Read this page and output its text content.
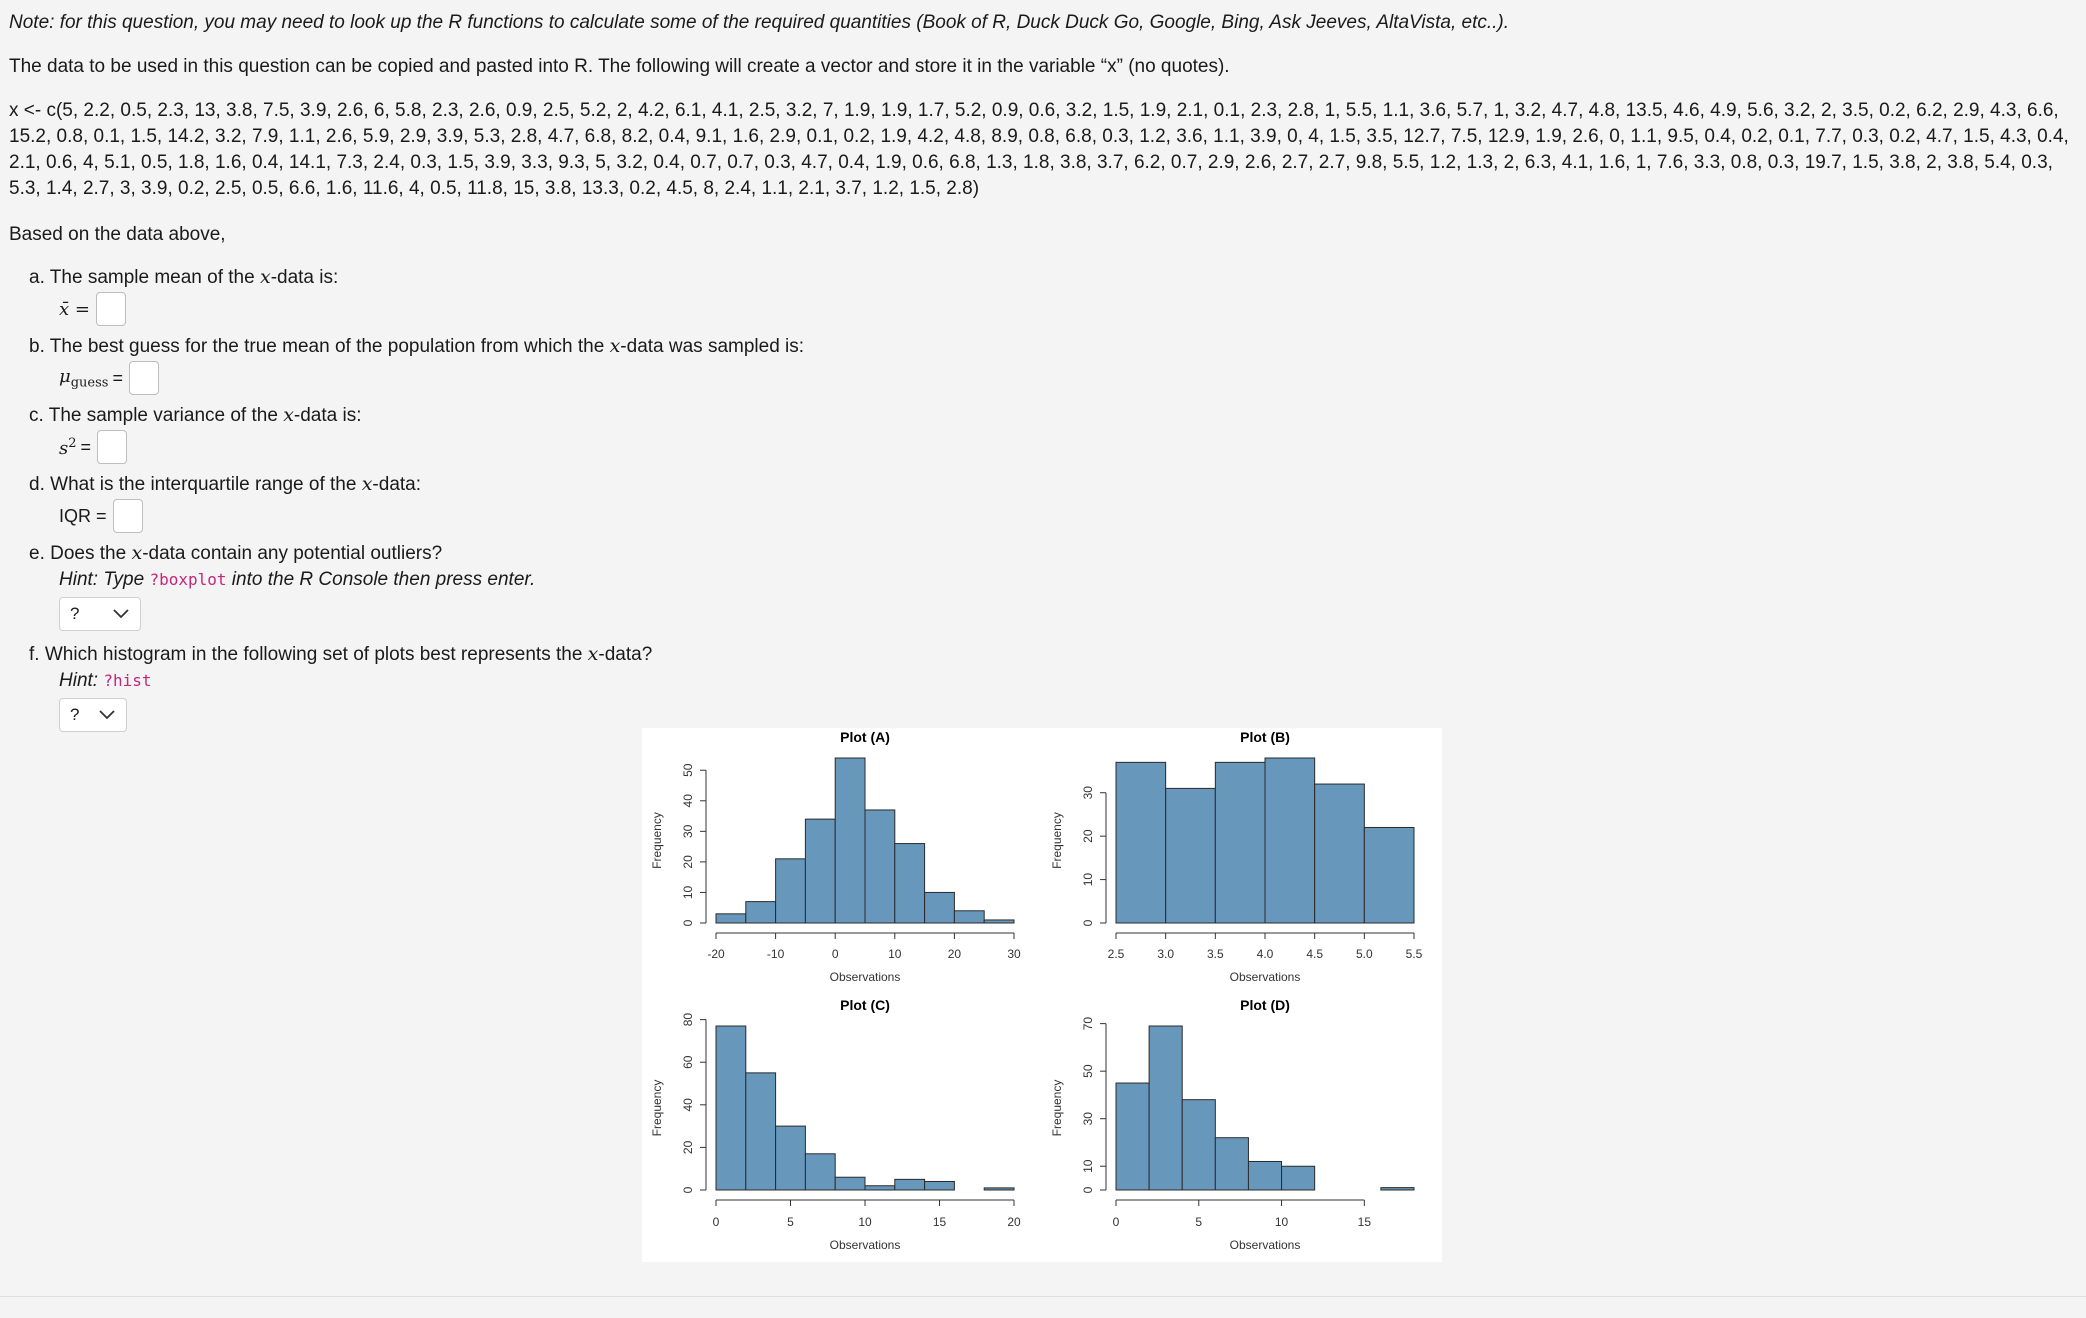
Note: for this question, you may need to look up the R functions to calculate some of the required quantities (Book of R, Duck Duck Go, Google, Bing, Ask Jeeves, AltaVista, etc..).

The data to be used in this question can be copied and pasted into R. The following will create a vector and store it in the variable “x” (no quotes).

x <- c(5, 2.2, 0.5, 2.3, 13, 3.8, 7.5, 3.9, 2.6, 6, 5.8, 2.3, 2.6, 0.9, 2.5, 5.2, 2, 4.2, 6.1, 4.1, 2.5, 3.2, 7, 1.9, 1.9, 1.7, 5.2, 0.9, 0.6, 3.2, 1.5, 1.9, 2.1, 0.1, 2.3, 2.8, 1, 5.5, 1.1, 3.6, 5.7, 1, 3.2, 4.7, 4.8, 13.5, 4.6, 4.9, 5.6, 3.2, 2, 3.5, 0.2, 6.2, 2.9, 4.3, 6.6, 15.2, 0.8, 0.1, 1.5, 14.2, 3.2, 7.9, 1.1, 2.6, 5.9, 2.9, 3.9, 5.3, 2.8, 4.7, 6.8, 8.2, 0.4, 9.1, 1.6, 2.9, 0.1, 0.2, 1.9, 4.2, 4.8, 8.9, 0.8, 6.8, 0.3, 1.2, 3.6, 1.1, 3.9, 0, 4, 1.5, 3.5, 12.7, 7.5, 12.9, 1.9, 2.6, 0, 1.1, 9.5, 0.4, 0.2, 0.1, 7.7, 0.3, 0.2, 4.7, 1.5, 4.3, 0.4, 2.1, 0.6, 4, 5.1, 0.5, 1.8, 1.6, 0.4, 14.1, 7.3, 2.4, 0.3, 1.5, 3.9, 3.3, 9.3, 5, 3.2, 0.4, 0.7, 0.7, 0.3, 4.7, 0.4, 1.9, 0.6, 6.8, 1.3, 1.8, 3.8, 3.7, 6.2, 0.7, 2.9, 2.6, 2.7, 2.7, 9.8, 5.5, 1.2, 1.3, 2, 6.3, 4.1, 1.6, 1, 7.6, 3.3, 0.8, 0.3, 19.7, 1.5, 3.8, 2, 3.8, 5.4, 0.3, 5.3, 1.4, 2.7, 3, 3.9, 0.2, 2.5, 0.5, 6.6, 1.6, 11.6, 4, 0.5, 11.8, 15, 3.8, 13.3, 0.2, 4.5, 8, 2.4, 1.1, 2.1, 3.7, 1.2, 1.5, 2.8)

Based on the data above,

a. The sample mean of the x-data is:
x̄ =
b. The best guess for the true mean of the population from which the x-data was sampled is:
$\mu_{guess}$ =
c. The sample variance of the x-data is:
$s^2$ =
d. What is the interquartile range of the x-data:
IQR =
e. Does the x-data contain any potential outliers?
Hint: Type ?boxplot into the R Console then press enter.
?
f. Which histogram in the following set of plots best represents the x-data?
Hint: ?hist
?
Plot (A)
-20	-10	0	10	20	30
Observations
0
10
20
30
40
50
Frequency
Plot (B)
2.5	3.0	3.5	4.0	4.5	5.0	5.5
Observations
0
10
20
30
Frequency
Plot (C)
0	5	10	15	20
Observations
0
20
40
60
80
Frequency
Plot (D)
0	5	10	15
Observations
0
10
30
50
70
Frequency
